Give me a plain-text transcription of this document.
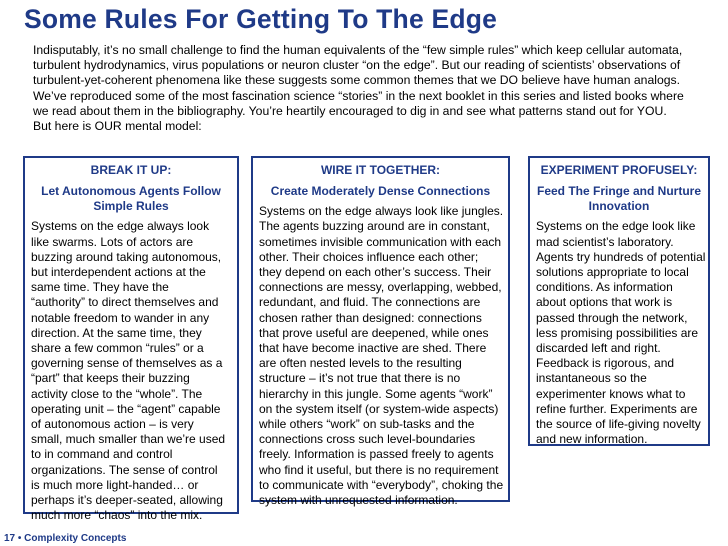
Some Rules For Getting To The Edge
Indisputably, it’s no small challenge to find the human equivalents of the “few simple rules” which keep cellular automata,
turbulent hydrodynamics, virus populations or neuron cluster “on the edge”. But our reading of scientists’ observations of
turbulent-yet-coherent phenomena like these suggests some common themes that we DO believe have human analogs.
We’ve reproduced some of the most fascination science “stories” in the next booklet in this series and listed books where
we read about them in the bibliography. You’re heartily encouraged to dig in and see what patterns stand out for YOU.
But here is OUR mental model:
BREAK IT UP:
Let Autonomous Agents Follow Simple Rules
Systems on the edge always look
like swarms. Lots of actors are
buzzing around taking autonomous,
but interdependent actions at the
same time. They have the
“authority” to direct themselves and
notable freedom to wander in any
direction. At the same time, they
share a few common “rules” or a
governing sense of themselves as a
“part” that keeps their buzzing
activity close to the “whole”. The
operating unit – the “agent” capable
of autonomous action – is very
small, much smaller than we’re used
to in command and control
organizations. The sense of control
is much more light-handed… or
perhaps it’s deeper-seated, allowing
much more “chaos” into the mix.
WIRE IT TOGETHER:
Create Moderately Dense Connections
Systems on the edge always look like jungles.
The agents buzzing around are in constant,
sometimes invisible communication with each
other. Their choices influence each other;
they depend on each other’s success. Their
connections are messy, overlapping, webbed,
redundant, and fluid. The connections are
chosen rather than designed: connections
that prove useful are deepened, while ones
that have become inactive are shed. There
are often nested levels to the resulting
structure – it’s not true that there is no
hierarchy in this jungle. Some agents “work”
on the system itself (or system-wide aspects)
while others “work” on sub-tasks and the
connections cross such level-boundaries
freely. Information is passed freely to agents
who find it useful, but there is no requirement
to communicate with “everybody”, choking the
system with unrequested information.
EXPERIMENT PROFUSELY:
Feed The Fringe and Nurture Innovation
Systems on the edge look like
mad scientist’s laboratory.
Agents try hundreds of potential
solutions appropriate to local
conditions. As information
about options that work is
passed through the network,
less promising possibilities are
discarded left and right.
Feedback is rigorous, and
instantaneous so the
experimenter knows what to
refine further. Experiments are
the source of life-giving novelty
and new information.
17 • Complexity Concepts
